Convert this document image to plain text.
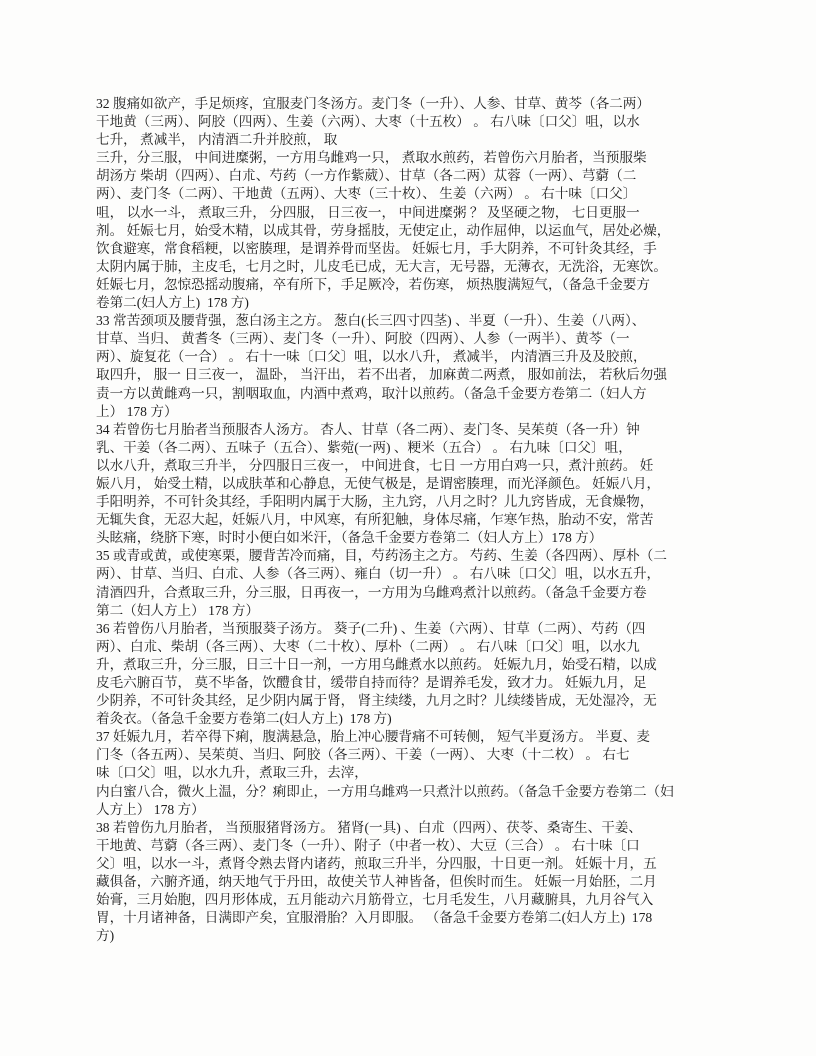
32 腹痛如欲产，手足烦疼，宜服麦门冬汤方。麦门冬（一升）、人参、甘草、黄芩（各二两）
干地黄（三两）、阿胶（四两）、生姜（六两）、大枣（十五枚） 。 右八味〔口父〕咀，以水
七升， 煮减半， 内清酒二升并胶煎， 取
三升，分三服， 中间进糜粥，一方用乌雌鸡一只， 煮取水煎药，若曾伤六月胎者，当预服柴
胡汤方 柴胡（四两）、白朮、芍药（一方作紫葳）、甘草（各二两）苁蓉（一两）、芎藭（二
两）、麦门冬（二两）、干地黄（五两）、大枣（三十枚）、 生姜（六两） 。 右十味〔口父〕
咀， 以水一斗， 煮取三升， 分四服， 日三夜一， 中间进糜粥 ？ 及坚硬之物， 七日更服一
剂。 妊娠七月，始受木精，以成其骨，劳身摇肢，无使定止，动作屈伸，以运血气，居处必燥，
饮食避寒，常食稻粳，以密腠理，是谓养骨而坚齿。 妊娠七月，手大阴养，不可针灸其经，手
太阴内属于肺，主皮毛，七月之时，儿皮毛已成，无大言，无号器，无薄衣，无洗浴，无寒饮。
妊娠七月，忽惊恐摇动腹痛，卒有所下，手足厥冷，若伤寒， 烦热腹满短气，（备急千金要方
卷第二(妇人方上)  178 方)
33 常苦颈项及腰背强，葱白汤主之方。 葱白(长三四寸四茎) 、半夏（一升）、生姜（八两）、
甘草、当归、 黄耆冬（三两）、麦门冬（一升）、阿胶（四两）、人参（一两半）、黄芩（一
两）、旋复花（一合） 。 右十一味〔口父〕咀，以水八升， 煮减半， 内清酒三升及及胶煎，
取四升， 服一 日三夜一， 温卧， 当汗出， 若不出者， 加麻黄二两煮， 服如前法， 若秋后勿强
责一方以黄雌鸡一只，割咽取血，内酒中煮鸡，取汁以煎药。（备急千金要方卷第二（妇人方
上） 178 方）
34 若曾伤七月胎者当预服杏人汤方。 杏人、甘草（各二两）、麦门冬、吴茱萸（各一升）钟
乳、干姜（各二两）、五味子（五合）、紫菀(一两) 、粳米（五合） 。 右九味〔口父〕咀，
以水八升，煮取三升半， 分四服日三夜一， 中间进食，七日 一方用白鸡一只，煮汁煎药。 妊
娠八月， 始受土精，以成肤革和心静息，无使气极是，是谓密腠理，而光泽颜色。 妊娠八月，
手阳明养，不可针灸其经，手阳明内属于大肠，主九窍，八月之时？儿九窍皆成，无食燥物，
无辄失食，无忍大起，妊娠八月，中风寒，有所犯触，身体尽痛，乍寒乍热，胎动不安，常苦
头眩痛，绕脐下寒，时时小便白如米汗，（备急千金要方卷第二（妇人方上）178 方）
35 或青或黄，或使寒栗，腰背苦冷而痛，目，芍药汤主之方。 芍药、生姜（各四两）、厚朴（二
两）、甘草、当归、白朮、人参（各三两）、雍白（切一升） 。 右八味〔口父〕咀，以水五升，
清酒四升，合煮取三升，分三服，日再夜一，一方用为乌雌鸡煮汁以煎药。（备急千金要方卷
第二（妇人方上） 178 方）
36 若曾伤八月胎者，当预服葵子汤方。 葵子(二升) 、生姜（六两）、甘草（二两）、芍药（四
两）、白朮、柴胡（各三两）、大枣（二十枚）、厚朴（二两） 。 右八味〔口父〕咀，以水九
升，煮取三升，分三服，日三十日一剂，一方用乌雌煮水以煎药。 妊娠九月，始受石精，以成
皮毛六腑百节， 莫不毕备，饮醴食甘，缓带自持而待？是谓养毛发，致才力。 妊娠九月，足
少阴养，不可针灸其经，足少阴内属于肾， 肾主续缕，九月之时？儿续缕皆成，无处湿冷，无
着灸衣。（备急千金要方卷第二(妇人方上)  178 方)
37 妊娠九月，若卒得下痢，腹满悬急，胎上冲心腰背痛不可转侧， 短气半夏汤方。 半夏、麦
门冬（各五两）、吴茱萸、当归、阿胶（各三两）、干姜（一两）、 大枣（十二枚） 。 右七
味〔口父〕咀，以水九升，煮取三升，去滓，
内白蜜八合，微火上温，分？痢即止，一方用乌雌鸡一只煮汁以煎药。（备急千金要方卷第二（妇
人方上） 178 方）
38 若曾伤九月胎者， 当预服猪肾汤方。 猪肾(一具) 、白朮（四两）、茯苓、桑寄生、干姜、
干地黄、芎藭（各三两）、麦门冬（一升）、附子（中者一枚）、大豆（三合） 。 右十味〔口
父〕咀，以水一斗，煮肾令熟去肾内诸药，煎取三升半，分四服，十日更一剂。 妊娠十月，五
藏俱备，六腑齐通，纳天地气于丹田，故使关节人神皆备，但俟时而生。 妊娠一月始胚，二月
始膏，三月始胞，四月形体成，五月能动六月筋骨立，七月毛发生，八月藏腑具，九月谷气入
胃，十月诸神备，日满即产矣，宜服滑胎？入月即服。 （备急千金要方卷第二(妇人方上)  178
方)
